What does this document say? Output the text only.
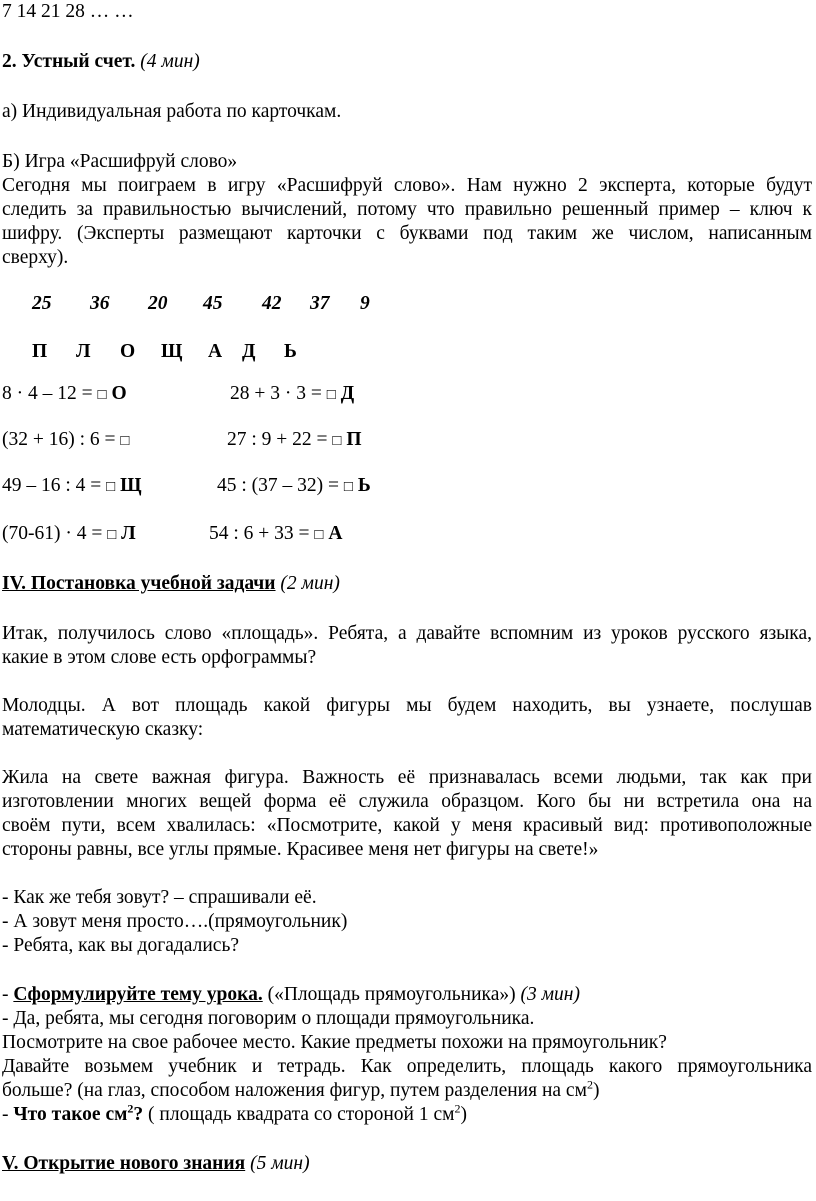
7 14 21 28 … …
2. Устный счет. (4 мин)
а) Индивидуальная работа по карточкам.
Б) Игра «Расшифруй слово»
Сегодня мы поиграем в игру «Расшифруй слово». Нам нужно 2 эксперта, которые будут
следить за правильностью вычислений, потому что правильно решенный пример – ключ к
шифру. (Эксперты размещают карточки с буквами под таким же числом, написанным
сверху).
25 36 20 45 42 37 9
П Л О Щ А Д Ь
8 · 4 – 12 = □ О	28 + 3 · 3 = □ Д
(32 + 16) : 6 = □	27 : 9 + 22 = □ П
49 – 16 : 4 = □ Щ	45 : (37 – 32) = □ Ь
(70-61) · 4 = □ Л	54 : 6 + 33 = □ А
IV. Постановка учебной задачи (2 мин)
Итак, получилось слово «площадь». Ребята, а давайте вспомним из уроков русского языка,
какие в этом слове есть орфограммы?
Молодцы. А вот площадь какой фигуры мы будем находить, вы узнаете, послушав
математическую сказку:
Жила на свете важная фигура. Важность её признавалась всеми людьми, так как при
изготовлении многих вещей форма её служила образцом. Кого бы ни встретила она на
своём пути, всем хвалилась: «Посмотрите, какой у меня красивый вид: противоположные
стороны равны, все углы прямые. Красивее меня нет фигуры на свете!»
- Как же тебя зовут? – спрашивали её.
- А зовут меня просто….(прямоугольник)
- Ребята, как вы догадались?
- Сформулируйте тему урока. («Площадь прямоугольника») (3 мин)
- Да, ребята, мы сегодня поговорим о площади прямоугольника.
Посмотрите на свое рабочее место. Какие предметы похожи на прямоугольник?
Давайте возьмем учебник и тетрадь. Как определить, площадь какого прямоугольника
больше? (на глаз, способом наложения фигур, путем разделения на $см^2$)
- Что такое $см^2$? ( площадь квадрата со стороной 1 $см^2$)
V. Открытие нового знания (5 мин)
